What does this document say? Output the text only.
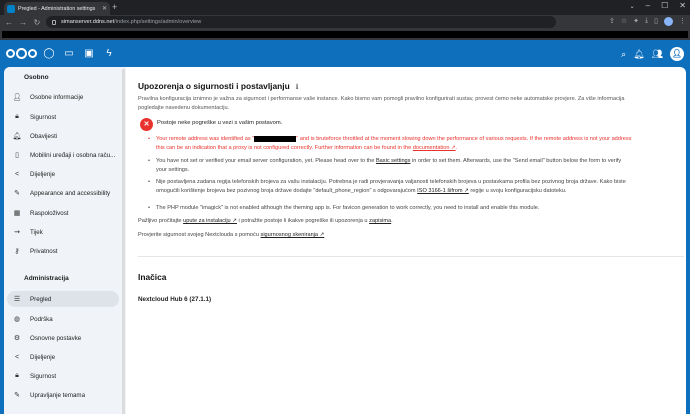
Pregled - Administration settings	✕ +	⌄ – ☐ ✕
← → ↻	simanserver.ddns.net /index.php/settings/admin/overview	⇪ ☆ ✦ ⤓ ▯	⋮
◯ ▭ ▣	ϟ	⌕ 🔔︎ 👥︎ 👤︎
Osobno
👤︎ Osobne informacije
🔒︎	Sigurnost
🔔︎ Obavijesti
▯	Mobilini uređaji i osobna raču...
<	Dijeljenje
✎	Appearance and accessibility
▦ Raspoloživost
⇝	Tijek
⚷	Privatnost
Administracija
☰ Pregled
◍	Podrška
⚙ Osnovne postavke
<	Dijeljenje
🔒︎	Sigurnost
✎	Upravljanje temama
Upozorenja o sigurnosti i postavljanju ℹ
Pravilna konfiguracija iznimno je važna za sigurnost i performanse vaše instance. Kako bismo vam pomogli pravilno konfigurirati sustav, provest ćemo neke automatske provjere. Za više informacija
pogledajte navedenu dokumentaciju.
✕	Postoje neke pogreške u vezi s vašim postavom.
• Your remote address was identified as "	" and is bruteforce throttled at the moment slowing down the performance of various requests. If the remote address is not your address
this can be an indication that a proxy is not configured correctly. Further information can be found in the documentation ↗.
• You have not set or verified your email server configuration, yet. Please head over to the Basic settings in order to set them. Afterwards, use the "Send email" button below the form to verify
your settings.
• Nije postavljena zadana regija telefonskih brojeva za vašu instalaciju. Potrebna je radi provjeravanja valjanosti telefonskih brojeva u postavkama profila bez pozivnog broja države. Kako biste
omogućili korištenje brojeva bez pozivnog broja države dodajte "default_phone_region" s odgovarajućom ISO 3166-1 šifrom ↗ regije u svoju konfiguracijsku datoteku.
• The PHP module "imagick" is not enabled although the theming app is. For favicon generation to work correctly, you need to install and enable this module.
Pažljivo pročitajte upute za instalaciju ↗ i potražite postoje li ikakve pogreške ili upozorenja u zapisima.
Provjerite sigurnost svojeg Nextclouda s pomoću sigurnosnog skeniranja ↗
Inačica
Nextcloud Hub 6 (27.1.1)
